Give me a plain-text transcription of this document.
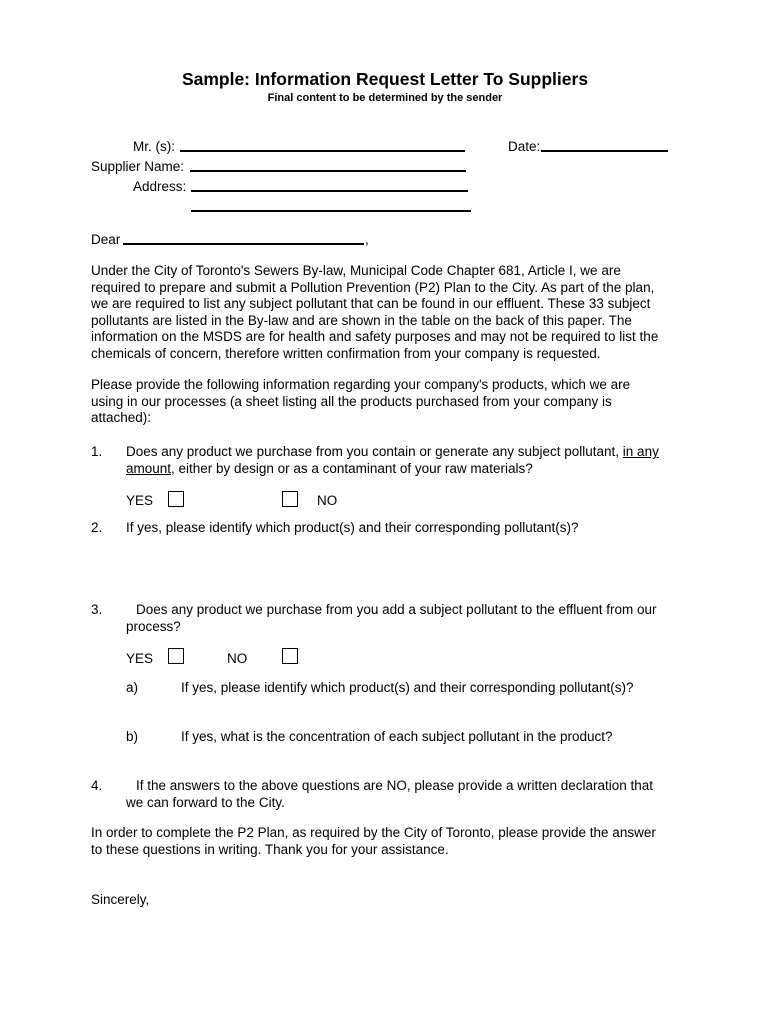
Sample: Information Request Letter To Suppliers
Final content to be determined by the sender
Mr. (s):	Date:
Supplier Name:
Address:
Dear	,
Under the City of Toronto's Sewers By-law, Municipal Code Chapter 681, Article I, we are
required to prepare and submit a Pollution Prevention (P2) Plan to the City. As part of the plan,
we are required to list any subject pollutant that can be found in our effluent. These 33 subject
pollutants are listed in the By-law and are shown in the table on the back of this paper. The
information on the MSDS are for health and safety purposes and may not be required to list the
chemicals of concern, therefore written confirmation from your company is requested.
Please provide the following information regarding your company's products, which we are
using in our processes (a sheet listing all the products purchased from your company is
attached):
1. Does any product we purchase from you contain or generate any subject pollutant, in any
amount, either by design or as a contaminant of your raw materials?
YES	NO
2. If yes, please identify which product(s) and their corresponding pollutant(s)?
3. Does any product we purchase from you add a subject pollutant to the effluent from our
process?
YES	NO
a)	If yes, please identify which product(s) and their corresponding pollutant(s)?
b)	If yes, what is the concentration of each subject pollutant in the product?
4. If the answers to the above questions are NO, please provide a written declaration that
we can forward to the City.
In order to complete the P2 Plan, as required by the City of Toronto, please provide the answer
to these questions in writing. Thank you for your assistance.
Sincerely,
